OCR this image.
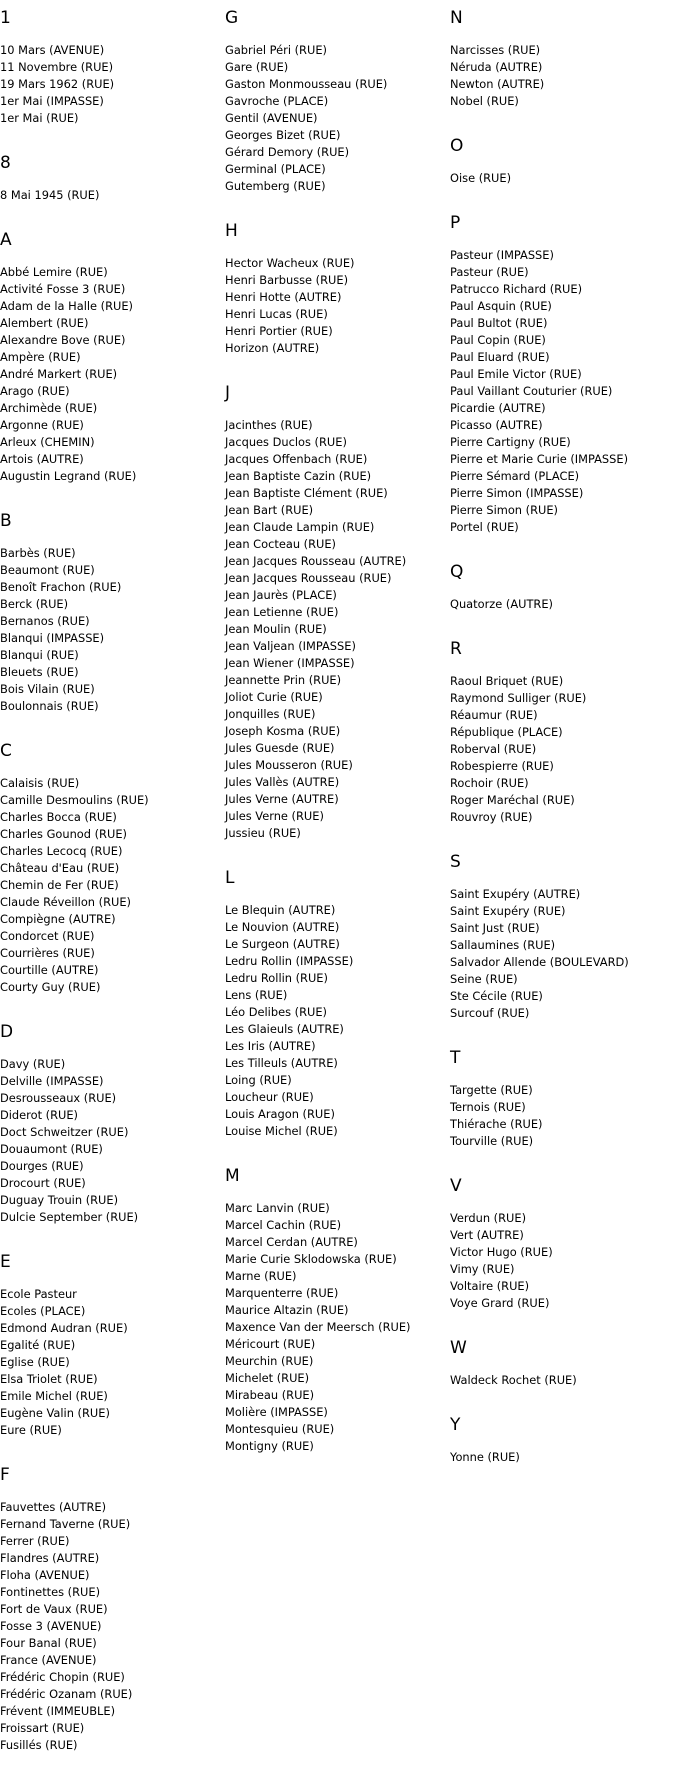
1
10 Mars (AVENUE)
11 Novembre (RUE)
19 Mars 1962 (RUE)
1er Mai (IMPASSE)
1er Mai (RUE)
8
8 Mai 1945 (RUE)
A
Abbé Lemire (RUE)
Activité Fosse 3 (RUE)
Adam de la Halle (RUE)
Alembert (RUE)
Alexandre Bove (RUE)
Ampère (RUE)
André Markert (RUE)
Arago (RUE)
Archimède (RUE)
Argonne (RUE)
Arleux (CHEMIN)
Artois (AUTRE)
Augustin Legrand (RUE)
B
Barbès (RUE)
Beaumont (RUE)
Benoît Frachon (RUE)
Berck (RUE)
Bernanos (RUE)
Blanqui (IMPASSE)
Blanqui (RUE)
Bleuets (RUE)
Bois Vilain (RUE)
Boulonnais (RUE)
C
Calaisis (RUE)
Camille Desmoulins (RUE)
Charles Bocca (RUE)
Charles Gounod (RUE)
Charles Lecocq (RUE)
Château d'Eau (RUE)
Chemin de Fer (RUE)
Claude Réveillon (RUE)
Compiègne (AUTRE)
Condorcet (RUE)
Courrières (RUE)
Courtille (AUTRE)
Courty Guy (RUE)
D
Davy (RUE)
Delville (IMPASSE)
Desrousseaux (RUE)
Diderot (RUE)
Doct Schweitzer (RUE)
Douaumont (RUE)
Dourges (RUE)
Drocourt (RUE)
Duguay Trouin (RUE)
Dulcie September (RUE)
E
Ecole Pasteur
Ecoles (PLACE)
Edmond Audran (RUE)
Egalité (RUE)
Eglise (RUE)
Elsa Triolet (RUE)
Emile Michel (RUE)
Eugène Valin (RUE)
Eure (RUE)
F
Fauvettes (AUTRE)
Fernand Taverne (RUE)
Ferrer (RUE)
Flandres (AUTRE)
Floha (AVENUE)
Fontinettes (RUE)
Fort de Vaux (RUE)
Fosse 3 (AVENUE)
Four Banal (RUE)
France (AVENUE)
Frédéric Chopin (RUE)
Frédéric Ozanam (RUE)
Frévent (IMMEUBLE)
Froissart (RUE)
Fusillés (RUE)
G
Gabriel Péri (RUE)
Gare (RUE)
Gaston Monmousseau (RUE)
Gavroche (PLACE)
Gentil (AVENUE)
Georges Bizet (RUE)
Gérard Demory (RUE)
Germinal (PLACE)
Gutemberg (RUE)
H
Hector Wacheux (RUE)
Henri Barbusse (RUE)
Henri Hotte (AUTRE)
Henri Lucas (RUE)
Henri Portier (RUE)
Horizon (AUTRE)
J
Jacinthes (RUE)
Jacques Duclos (RUE)
Jacques Offenbach (RUE)
Jean Baptiste Cazin (RUE)
Jean Baptiste Clément (RUE)
Jean Bart (RUE)
Jean Claude Lampin (RUE)
Jean Cocteau (RUE)
Jean Jacques Rousseau (AUTRE)
Jean Jacques Rousseau (RUE)
Jean Jaurès (PLACE)
Jean Letienne (RUE)
Jean Moulin (RUE)
Jean Valjean (IMPASSE)
Jean Wiener (IMPASSE)
Jeannette Prin (RUE)
Joliot Curie (RUE)
Jonquilles (RUE)
Joseph Kosma (RUE)
Jules Guesde (RUE)
Jules Mousseron (RUE)
Jules Vallès (AUTRE)
Jules Verne (AUTRE)
Jules Verne (RUE)
Jussieu (RUE)
L
Le Blequin (AUTRE)
Le Nouvion (AUTRE)
Le Surgeon (AUTRE)
Ledru Rollin (IMPASSE)
Ledru Rollin (RUE)
Lens (RUE)
Léo Delibes (RUE)
Les Glaieuls (AUTRE)
Les Iris (AUTRE)
Les Tilleuls (AUTRE)
Loing (RUE)
Loucheur (RUE)
Louis Aragon (RUE)
Louise Michel (RUE)
M
Marc Lanvin (RUE)
Marcel Cachin (RUE)
Marcel Cerdan (AUTRE)
Marie Curie Sklodowska (RUE)
Marne (RUE)
Marquenterre (RUE)
Maurice Altazin (RUE)
Maxence Van der Meersch (RUE)
Méricourt (RUE)
Meurchin (RUE)
Michelet (RUE)
Mirabeau (RUE)
Molière (IMPASSE)
Montesquieu (RUE)
Montigny (RUE)
N
Narcisses (RUE)
Néruda (AUTRE)
Newton (AUTRE)
Nobel (RUE)
O
Oise (RUE)
P
Pasteur (IMPASSE)
Pasteur (RUE)
Patrucco Richard (RUE)
Paul Asquin (RUE)
Paul Bultot (RUE)
Paul Copin (RUE)
Paul Eluard (RUE)
Paul Emile Victor (RUE)
Paul Vaillant Couturier (RUE)
Picardie (AUTRE)
Picasso (AUTRE)
Pierre Cartigny (RUE)
Pierre et Marie Curie (IMPASSE)
Pierre Sémard (PLACE)
Pierre Simon (IMPASSE)
Pierre Simon (RUE)
Portel (RUE)
Q
Quatorze (AUTRE)
R
Raoul Briquet (RUE)
Raymond Sulliger (RUE)
Réaumur (RUE)
République (PLACE)
Roberval (RUE)
Robespierre (RUE)
Rochoir (RUE)
Roger Maréchal (RUE)
Rouvroy (RUE)
S
Saint Exupéry (AUTRE)
Saint Exupéry (RUE)
Saint Just (RUE)
Sallaumines (RUE)
Salvador Allende (BOULEVARD)
Seine (RUE)
Ste Cécile (RUE)
Surcouf (RUE)
T
Targette (RUE)
Ternois (RUE)
Thiérache (RUE)
Tourville (RUE)
V
Verdun (RUE)
Vert (AUTRE)
Victor Hugo (RUE)
Vimy (RUE)
Voltaire (RUE)
Voye Grard (RUE)
W
Waldeck Rochet (RUE)
Y
Yonne (RUE)
